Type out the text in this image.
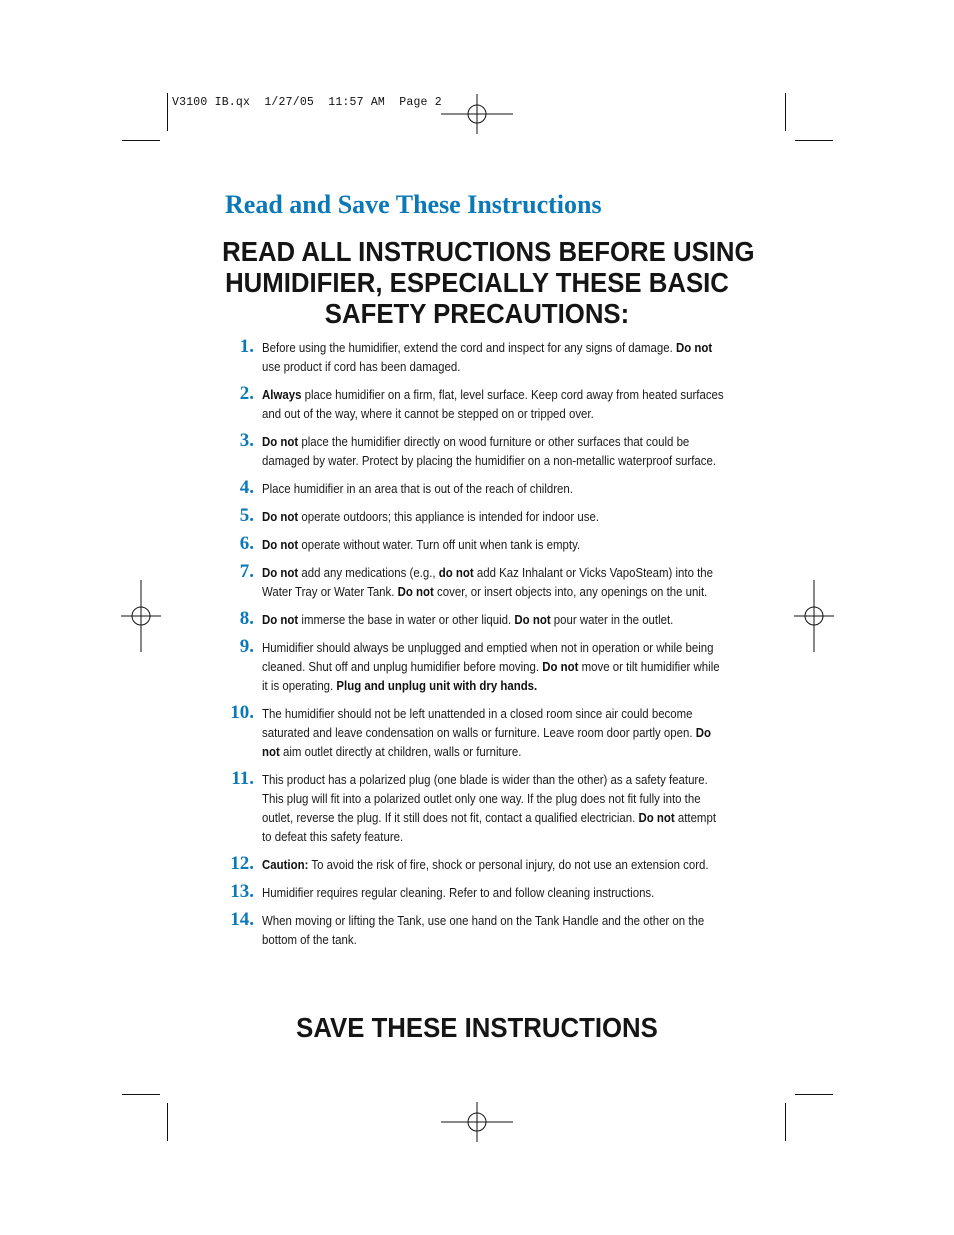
V3100 IB.qx  1/27/05  11:57 AM  Page 2
Read and Save These Instructions
READ ALL INSTRUCTIONS BEFORE USING
HUMIDIFIER, ESPECIALLY THESE BASIC
SAFETY PRECAUTIONS:
1. Before using the humidifier, extend the cord and inspect for any signs of damage. Do not use product if cord has been damaged.
2. Always place humidifier on a firm, flat, level surface. Keep cord away from heated surfaces and out of the way, where it cannot be stepped on or tripped over.
3. Do not place the humidifier directly on wood furniture or other surfaces that could be damaged by water. Protect by placing the humidifier on a non-metallic waterproof surface.
4. Place humidifier in an area that is out of the reach of children.
5. Do not operate outdoors; this appliance is intended for indoor use.
6. Do not operate without water. Turn off unit when tank is empty.
7. Do not add any medications (e.g., do not add Kaz Inhalant or Vicks VapoSteam) into the Water Tray or Water Tank. Do not cover, or insert objects into, any openings on the unit.
8. Do not immerse the base in water or other liquid. Do not pour water in the outlet.
9. Humidifier should always be unplugged and emptied when not in operation or while being cleaned. Shut off and unplug humidifier before moving. Do not move or tilt humidifier while it is operating. Plug and unplug unit with dry hands.
10. The humidifier should not be left unattended in a closed room since air could become saturated and leave condensation on walls or furniture. Leave room door partly open. Do not aim outlet directly at children, walls or furniture.
11. This product has a polarized plug (one blade is wider than the other) as a safety feature. This plug will fit into a polarized outlet only one way. If the plug does not fit fully into the outlet, reverse the plug. If it still does not fit, contact a qualified electrician. Do not attempt to defeat this safety feature.
12. Caution: To avoid the risk of fire, shock or personal injury, do not use an extension cord.
13. Humidifier requires regular cleaning. Refer to and follow cleaning instructions.
14. When moving or lifting the Tank, use one hand on the Tank Handle and the other on the bottom of the tank.
SAVE THESE INSTRUCTIONS
